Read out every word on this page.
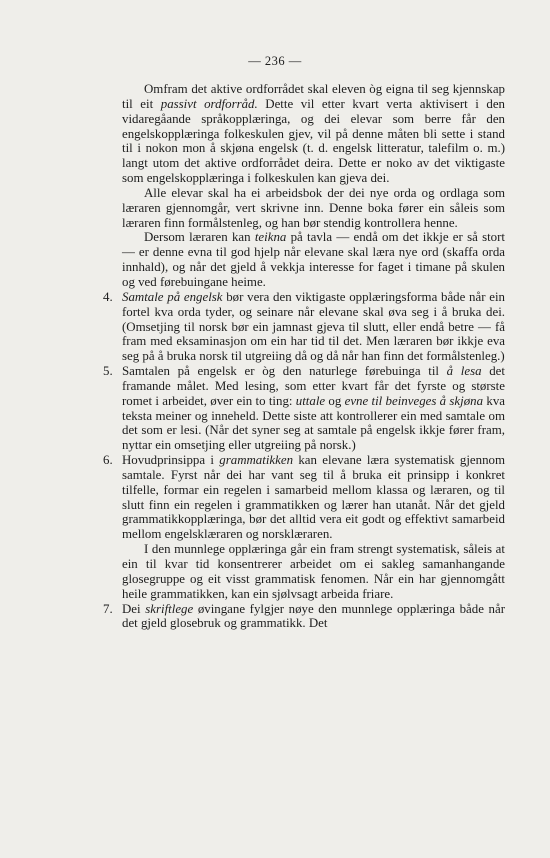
— 236 —

Omfram det aktive ordforrådet skal eleven òg eigna til seg kjennskap til eit passivt ordforråd. Dette vil etter kvart verta aktivisert i den vidaregåande språkopplæringa, og dei elevar som berre får den engelskopplæringa folkeskulen gjev, vil på denne måten bli sette i stand til i nokon mon å skjøna engelsk (t. d. engelsk litteratur, talefilm o. m.) langt utom det aktive ordforrådet deira. Dette er noko av det viktigaste som engelskopplæringa i folkeskulen kan gjeva dei.

Alle elevar skal ha ei arbeidsbok der dei nye orda og ordlaga som læraren gjennomgår, vert skrivne inn. Denne boka fører ein såleis som læraren finn formålstenleg, og han bør stendig kontrollera henne.

Dersom læraren kan teikna på tavla — endå om det ikkje er så stort — er denne evna til god hjelp når elevane skal læra nye ord (skaffa orda innhald), og når det gjeld å vekkja interesse for faget i timane på skulen og ved førebuingane heime.

4. Samtale på engelsk bør vera den viktigaste opplæringsforma både når ein fortel kva orda tyder, og seinare når elevane skal øva seg i å bruka dei. (Omsetjing til norsk bør ein jamnast gjeva til slutt, eller endå betre — få fram med eksaminasjon om ein har tid til det. Men læraren bør ikkje eva seg på å bruka norsk til utgreiing då og då når han finn det formålstenleg.)

5. Samtalen på engelsk er òg den naturlege førebuinga til å lesa det framande målet. Med lesing, som etter kvart får det fyrste og største romet i arbeidet, øver ein to ting: uttale og evne til beinveges å skjøna kva teksta meiner og inneheld. Dette siste att kontrollerer ein med samtale om det som er lesi. (Når det syner seg at samtale på engelsk ikkje fører fram, nyttar ein omsetjing eller utgreiing på norsk.)

6. Hovudprinsippa i grammatikken kan elevane læra systematisk gjennom samtale. Fyrst når dei har vant seg til å bruka eit prinsipp i konkret tilfelle, formar ein regelen i samarbeid mellom klassa og læraren, og til slutt finn ein regelen i grammatikken og lærer han utanåt. Når det gjeld grammatikkopplæringa, bør det alltid vera eit godt og effektivt samarbeid mellom engelsklæraren og norsklæraren.

I den munnlege opplæringa går ein fram strengt systematisk, såleis at ein til kvar tid konsentrerer arbeidet om ei sakleg samanhangande glosegruppe og eit visst grammatisk fenomen. Når ein har gjennomgått heile grammatikken, kan ein sjølvsagt arbeida friare.

7. Dei skriftlege øvingane fylgjer nøye den munnlege opplæringa både når det gjeld glosebruk og grammatikk. Det
